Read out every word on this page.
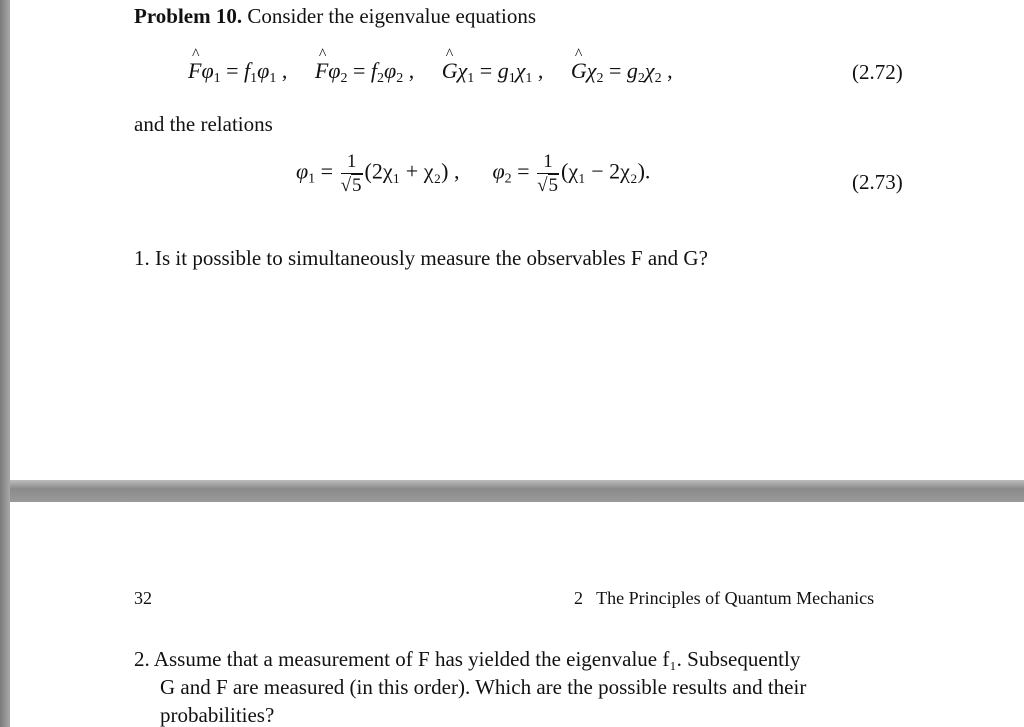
Problem 10. Consider the eigenvalue equations
^ $F\varphi_1 = f_1\varphi_1$ ,     ^ $F\varphi_2 = f_2\varphi_2$ ,     ^ $G\chi_1 = g_1\chi_1$ ,     ^ $G\chi_2 = g_2\chi_2$ ,	(2.72)
and the relations
$\varphi_1 = \frac{1}{√5} (2\chi_1 + \chi_2)$ , $\varphi_2 = \frac{1}{√5} (\chi_1 - 2\chi_2)$.	(2.73)
1. Is it possible to simultaneously measure the observables F and G?
32	2   The Principles of Quantum Mechanics
2. Assume that a measurement of F has yielded the eigenvalue f₁. Subsequently
G and F are measured (in this order). Which are the possible results and their
probabilities?
